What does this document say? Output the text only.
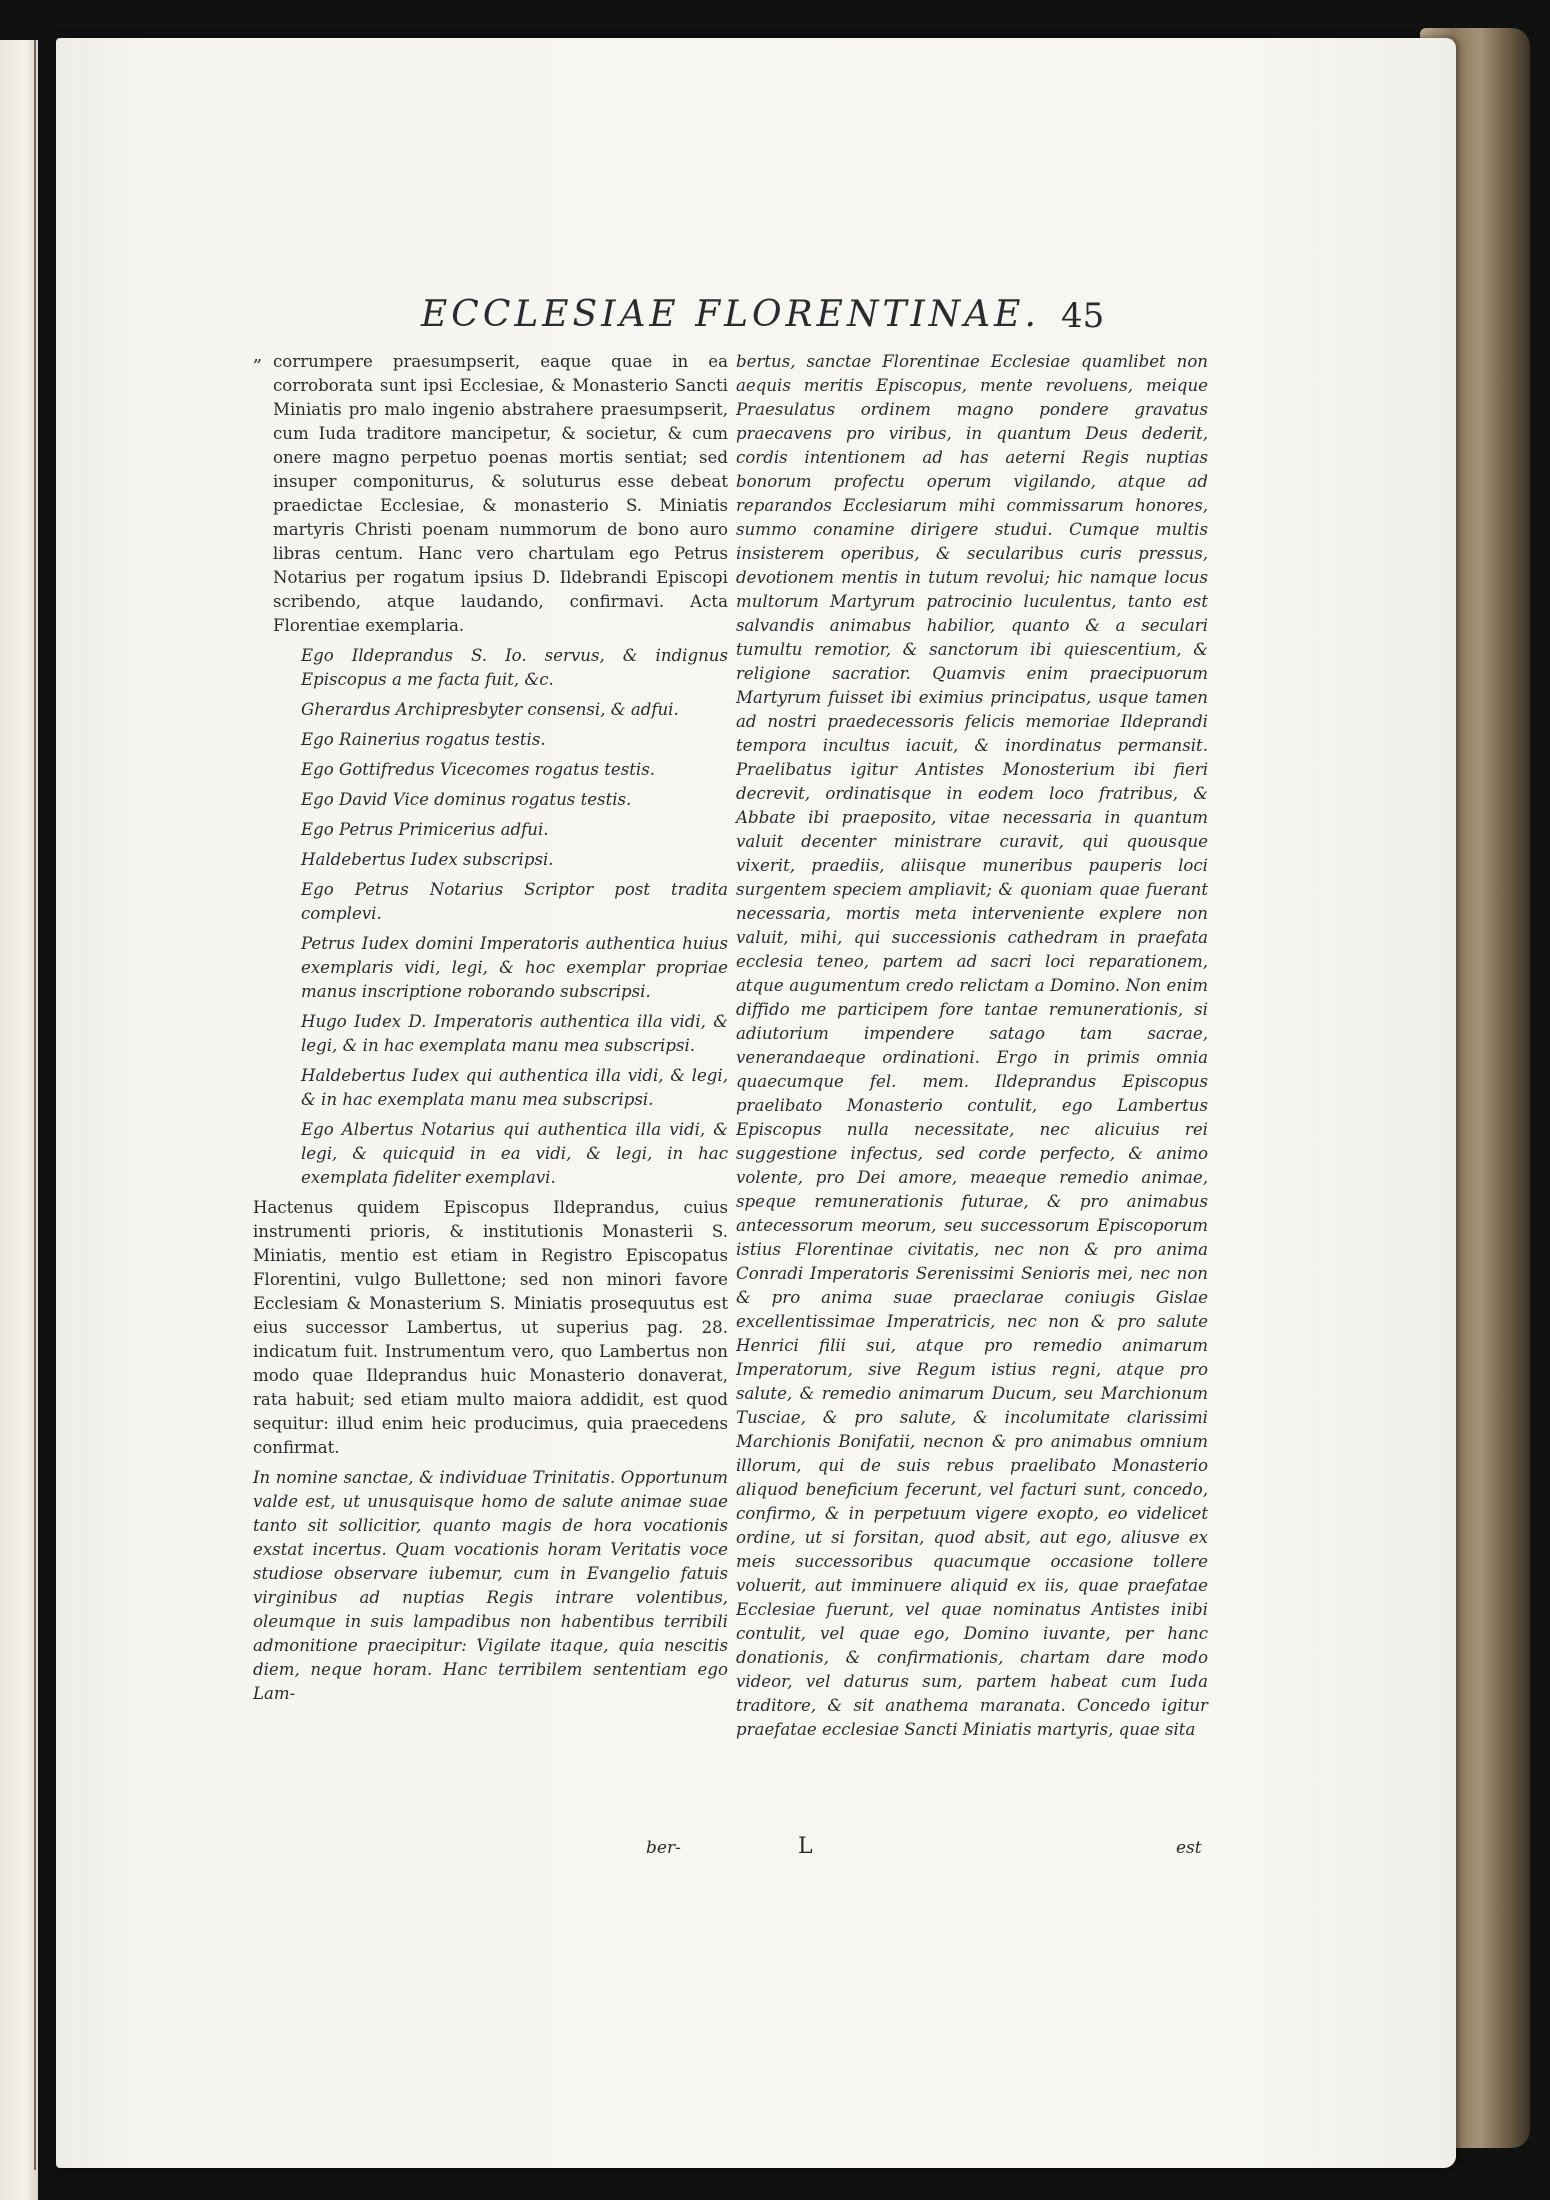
ECCLESIAE FLORENTINAE. 45

„ corrumpere praesumpserit, eaque quae in ea corroborata sunt ipsi Ecclesiae, & Monasterio Sancti Miniatis pro malo ingenio abstrahere praesumpserit, cum Iuda traditore mancipetur, & societur, & cum onere magno perpetuo poenas mortis sentiat; sed insuper componiturus, & soluturus esse debeat praedictae Ecclesiae, & monasterio S. Miniatis martyris Christi poenam nummorum de bono auro libras centum. Hanc vero chartulam ego Petrus Notarius per rogatum ipsius D. Ildebrandi Episcopi scribendo, atque laudando, confirmavi. Acta Florentiae exemplaria.

Ego Ildeprandus S. Io. servus, & indignus Episcopus a me facta fuit, &c.

Gherardus Archipresbyter consensi, & adfui.

Ego Rainerius rogatus testis.

Ego Gottifredus Vicecomes rogatus testis.

Ego David Vice dominus rogatus testis.

Ego Petrus Primicerius adfui.

Haldebertus Iudex subscripsi.

Ego Petrus Notarius Scriptor post tradita complevi.

Petrus Iudex domini Imperatoris authentica huius exemplaris vidi, legi, & hoc exemplar propriae manus inscriptione roborando subscripsi.

Hugo Iudex D. Imperatoris authentica illa vidi, & legi, & in hac exemplata manu mea subscripsi.

Haldebertus Iudex qui authentica illa vidi, & legi, & in hac exemplata manu mea subscripsi.

Ego Albertus Notarius qui authentica illa vidi, & legi, & quicquid in ea vidi, & legi, in hac exemplata fideliter exemplavi.

Hactenus quidem Episcopus Ildeprandus, cuius instrumenti prioris, & institutionis Monasterii S. Miniatis, mentio est etiam in Registro Episcopatus Florentini, vulgo Bullettone; sed non minori favore Ecclesiam & Monasterium S. Miniatis prosequutus est eius successor Lambertus, ut superius pag. 28. indicatum fuit. Instrumentum vero, quo Lambertus non modo quae Ildeprandus huic Monasterio donaverat, rata habuit; sed etiam multo maiora addidit, est quod sequitur: illud enim heic producimus, quia praecedens confirmat.

In nomine sanctae, & individuae Trinitatis. Opportunum valde est, ut unusquisque homo de salute animae suae tanto sit sollicitior, quanto magis de hora vocationis exstat incertus. Quam vocationis horam Veritatis voce studiose observare iubemur, cum in Evangelio fatuis virginibus ad nuptias Regis intrare volentibus, oleumque in suis lampadibus non habentibus terribili admonitione praecipitur: Vigilate itaque, quia nescitis diem, neque horam. Hanc terribilem sententiam ego Lam-

bertus, sanctae Florentinae Ecclesiae quamlibet non aequis meritis Episcopus, mente revoluens, meique Praesulatus ordinem magno pondere gravatus praecavens pro viribus, in quantum Deus dederit, cordis intentionem ad has aeterni Regis nuptias bonorum profectu operum vigilando, atque ad reparandos Ecclesiarum mihi commissarum honores, summo conamine dirigere studui. Cumque multis insisterem operibus, & secularibus curis pressus, devotionem mentis in tutum revolui; hic namque locus multorum Martyrum patrocinio luculentus, tanto est salvandis animabus habilior, quanto & a seculari tumultu remotior, & sanctorum ibi quiescentium, & religione sacratior. Quamvis enim praecipuorum Martyrum fuisset ibi eximius principatus, usque tamen ad nostri praedecessoris felicis memoriae Ildeprandi tempora incultus iacuit, & inordinatus permansit. Praelibatus igitur Antistes Monosterium ibi fieri decrevit, ordinatisque in eodem loco fratribus, & Abbate ibi praeposito, vitae necessaria in quantum valuit decenter ministrare curavit, qui quousque vixerit, praediis, aliisque muneribus pauperis loci surgentem speciem ampliavit; & quoniam quae fuerant necessaria, mortis meta interveniente explere non valuit, mihi, qui successionis cathedram in praefata ecclesia teneo, partem ad sacri loci reparationem, atque augumentum credo relictam a Domino. Non enim diffido me participem fore tantae remunerationis, si adiutorium impendere satago tam sacrae, venerandaeque ordinationi. Ergo in primis omnia quaecumque fel. mem. Ildeprandus Episcopus praelibato Monasterio contulit, ego Lambertus Episcopus nulla necessitate, nec alicuius rei suggestione infectus, sed corde perfecto, & animo volente, pro Dei amore, meaeque remedio animae, speque remunerationis futurae, & pro animabus antecessorum meorum, seu successorum Episcoporum istius Florentinae civitatis, nec non & pro anima Conradi Imperatoris Serenissimi Senioris mei, nec non & pro anima suae praeclarae coniugis Gislae excellentissimae Imperatricis, nec non & pro salute Henrici filii sui, atque pro remedio animarum Imperatorum, sive Regum istius regni, atque pro salute, & remedio animarum Ducum, seu Marchionum Tusciae, & pro salute, & incolumitate clarissimi Marchionis Bonifatii, necnon & pro animabus omnium illorum, qui de suis rebus praelibato Monasterio aliquod beneficium fecerunt, vel facturi sunt, concedo, confirmo, & in perpetuum vigere exopto, eo videlicet ordine, ut si forsitan, quod absit, aut ego, aliusve ex meis successoribus quacumque occasione tollere voluerit, aut imminuere aliquid ex iis, quae praefatae Ecclesiae fuerunt, vel quae nominatus Antistes inibi contulit, vel quae ego, Domino iuvante, per hanc donationis, & confirmationis, chartam dare modo videor, vel daturus sum, partem habeat cum Iuda traditore, & sit anathema maranata. Concedo igitur praefatae ecclesiae Sancti Miniatis martyris, quae sita

ber-	L	est
